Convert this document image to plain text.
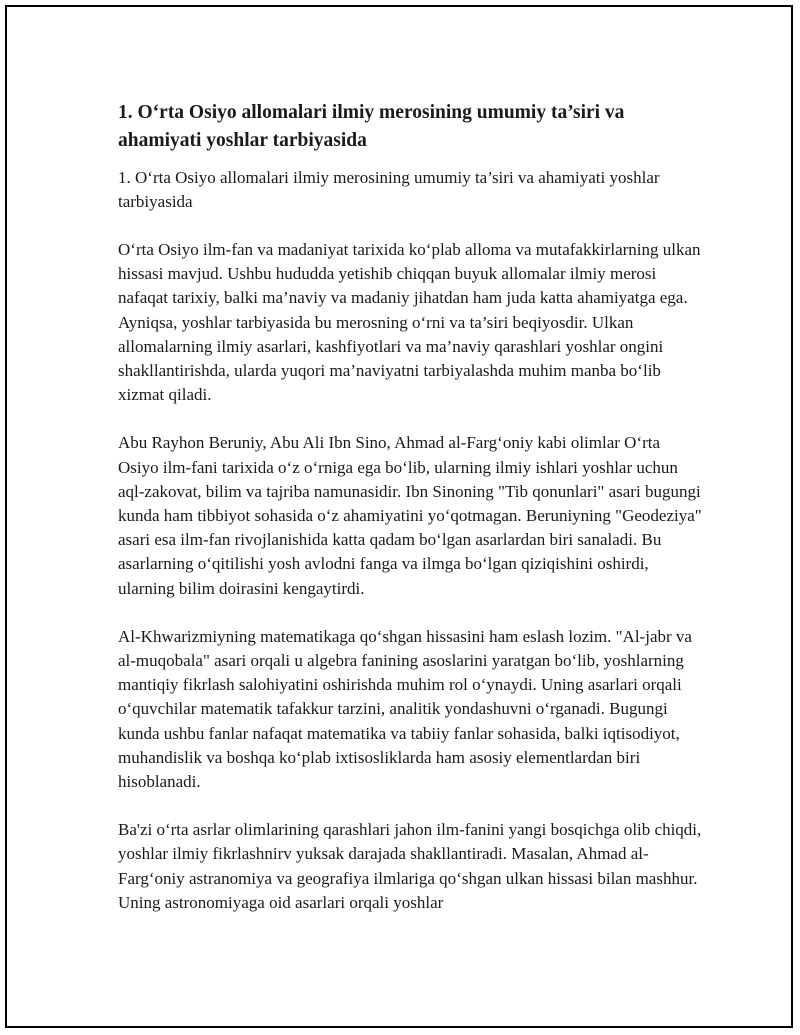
1. O‘rta Osiyo allomalari ilmiy merosining umumiy ta’siri va ahamiyati yoshlar tarbiyasida

1. O‘rta Osiyo allomalari ilmiy merosining umumiy ta’siri va ahamiyati yoshlar tarbiyasida

O‘rta Osiyo ilm-fan va madaniyat tarixida ko‘plab alloma va mutafakkirlarning ulkan hissasi mavjud. Ushbu hududda yetishib chiqqan buyuk allomalar ilmiy merosi nafaqat tarixiy, balki ma’naviy va madaniy jihatdan ham juda katta ahamiyatga ega. Ayniqsa, yoshlar tarbiyasida bu merosning o‘rni va ta’siri beqiyosdir. Ulkan allomalarning ilmiy asarlari, kashfiyotlari va ma’naviy qarashlari yoshlar ongini shakllantirishda, ularda yuqori ma’naviyatni tarbiyalashda muhim manba bo‘lib xizmat qiladi.

Abu Rayhon Beruniy, Abu Ali Ibn Sino, Ahmad al-Farg‘oniy kabi olimlar O‘rta Osiyo ilm-fani tarixida o‘z o‘rniga ega bo‘lib, ularning ilmiy ishlari yoshlar uchun aql-zakovat, bilim va tajriba namunasidir. Ibn Sinoning "Tib qonunlari" asari bugungi kunda ham tibbiyot sohasida o‘z ahamiyatini yo‘qotmagan. Beruniyning "Geodeziya" asari esa ilm-fan rivojlanishida katta qadam bo‘lgan asarlardan biri sanaladi. Bu asarlarning o‘qitilishi yosh avlodni fanga va ilmga bo‘lgan qiziqishini oshirdi, ularning bilim doirasini kengaytirdi.

Al-Khwarizmiyning matematikaga qo‘shgan hissasini ham eslash lozim. "Al-jabr va al-muqobala" asari orqali u algebra fanining asoslarini yaratgan bo‘lib, yoshlarning mantiqiy fikrlash salohiyatini oshirishda muhim rol o‘ynaydi. Uning asarlari orqali o‘quvchilar matematik tafakkur tarzini, analitik yondashuvni o‘rganadi. Bugungi kunda ushbu fanlar nafaqat matematika va tabiiy fanlar sohasida, balki iqtisodiyot, muhandislik va boshqa ko‘plab ixtisosliklarda ham asosiy elementlardan biri hisoblanadi.

Ba'zi o‘rta asrlar olimlarining qarashlari jahon ilm-fanini yangi bosqichga olib chiqdi, yoshlar ilmiy fikrlashnirv yuksak darajada shakllantiradi. Masalan, Ahmad al-Farg‘oniy astranomiya va geografiya ilmlariga qo‘shgan ulkan hissasi bilan mashhur. Uning astronomiyaga oid asarlari orqali yoshlar
